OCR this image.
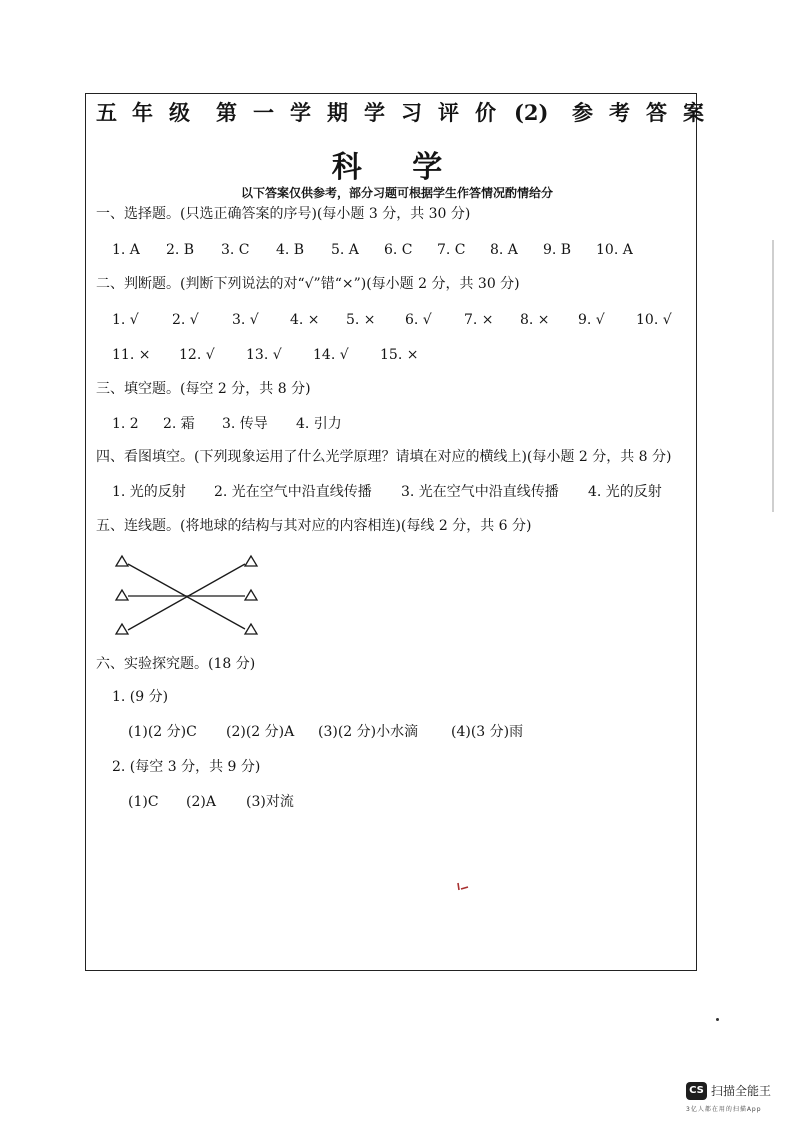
五 年 级 第 一 学 期 学 习 评 价 (2) 参 考 答 案
科 学
以下答案仅供参考，部分习题可根据学生作答情况酌情给分
一、选择题。(只选正确答案的序号)(每小题 3 分，共 30 分)
1. A 2. B 3. C 4. B 5. A 6. C 7. C 8. A 9. B 10. A
二、判断题。(判断下列说法的对“√”错“×”)(每小题 2 分，共 30 分)
1. √ 2. √ 3. √ 4. × 5. × 6. √ 7. × 8. × 9. √ 10. √
11. × 12. √ 13. √ 14. √ 15. ×
三、填空题。(每空 2 分，共 8 分)
1. 2 2. 霜 3. 传导 4. 引力
四、看图填空。(下列现象运用了什么光学原理？请填在对应的横线上)(每小题 2 分，共 8 分)
1. 光的反射 2. 光在空气中沿直线传播 3. 光在空气中沿直线传播 4. 光的反射
五、连线题。(将地球的结构与其对应的内容相连)(每线 2 分，共 6 分)
六、实验探究题。(18 分)
1. (9 分)
(1)(2 分)C (2)(2 分)A (3)(2 分)小水滴 (4)(3 分)雨
2. (每空 3 分，共 9 分)
(1)C (2)A (3)对流
CS 扫描全能王
3亿人都在用的扫描App
